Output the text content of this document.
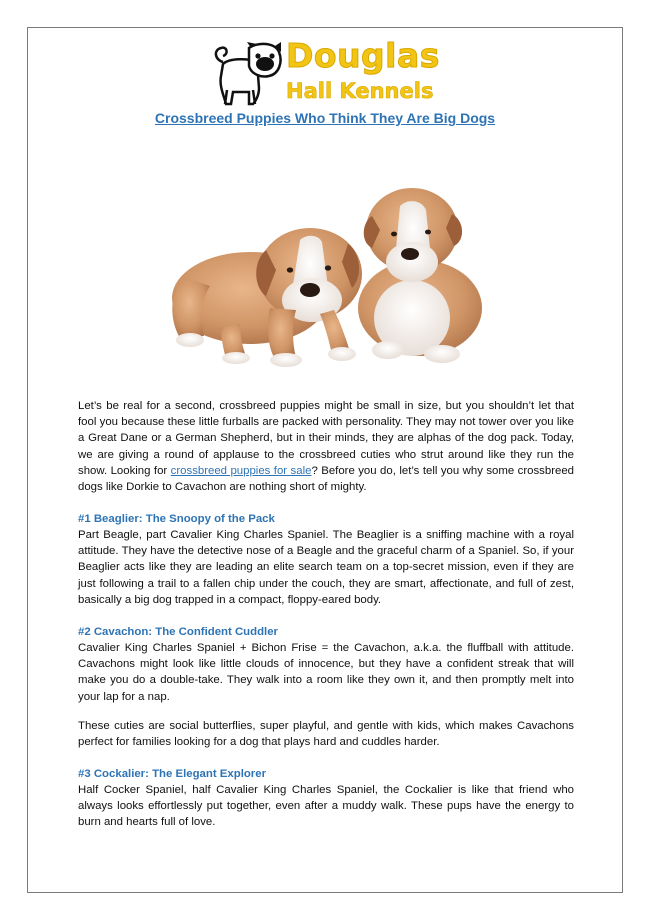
Douglas
Hall Kennels
Crossbreed Puppies Who Think They Are Big Dogs
Let’s be real for a second, crossbreed puppies might be small in size, but you shouldn’t let that fool you because these little furballs are packed with personality. They may not tower over you like a Great Dane or a German Shepherd, but in their minds, they are alphas of the dog pack. Today, we are giving a round of applause to the crossbreed cuties who strut around like they run the show. Looking for crossbreed puppies for sale? Before you do, let’s tell you why some crossbreed dogs like Dorkie to Cavachon are nothing short of mighty.
#1 Beaglier: The Snoopy of the Pack
Part Beagle, part Cavalier King Charles Spaniel. The Beaglier is a sniffing machine with a royal attitude. They have the detective nose of a Beagle and the graceful charm of a Spaniel. So, if your Beaglier acts like they are leading an elite search team on a top-secret mission, even if they are just following a trail to a fallen chip under the couch, they are smart, affectionate, and full of zest, basically a big dog trapped in a compact, floppy-eared body.
#2 Cavachon: The Confident Cuddler
Cavalier King Charles Spaniel + Bichon Frise = the Cavachon, a.k.a. the fluffball with attitude. Cavachons might look like little clouds of innocence, but they have a confident streak that will make you do a double-take. They walk into a room like they own it, and then promptly melt into your lap for a nap.
These cuties are social butterflies, super playful, and gentle with kids, which makes Cavachons perfect for families looking for a dog that plays hard and cuddles harder.
#3 Cockalier: The Elegant Explorer
Half Cocker Spaniel, half Cavalier King Charles Spaniel, the Cockalier is like that friend who always looks effortlessly put together, even after a muddy walk. These pups have the energy to burn and hearts full of love.
